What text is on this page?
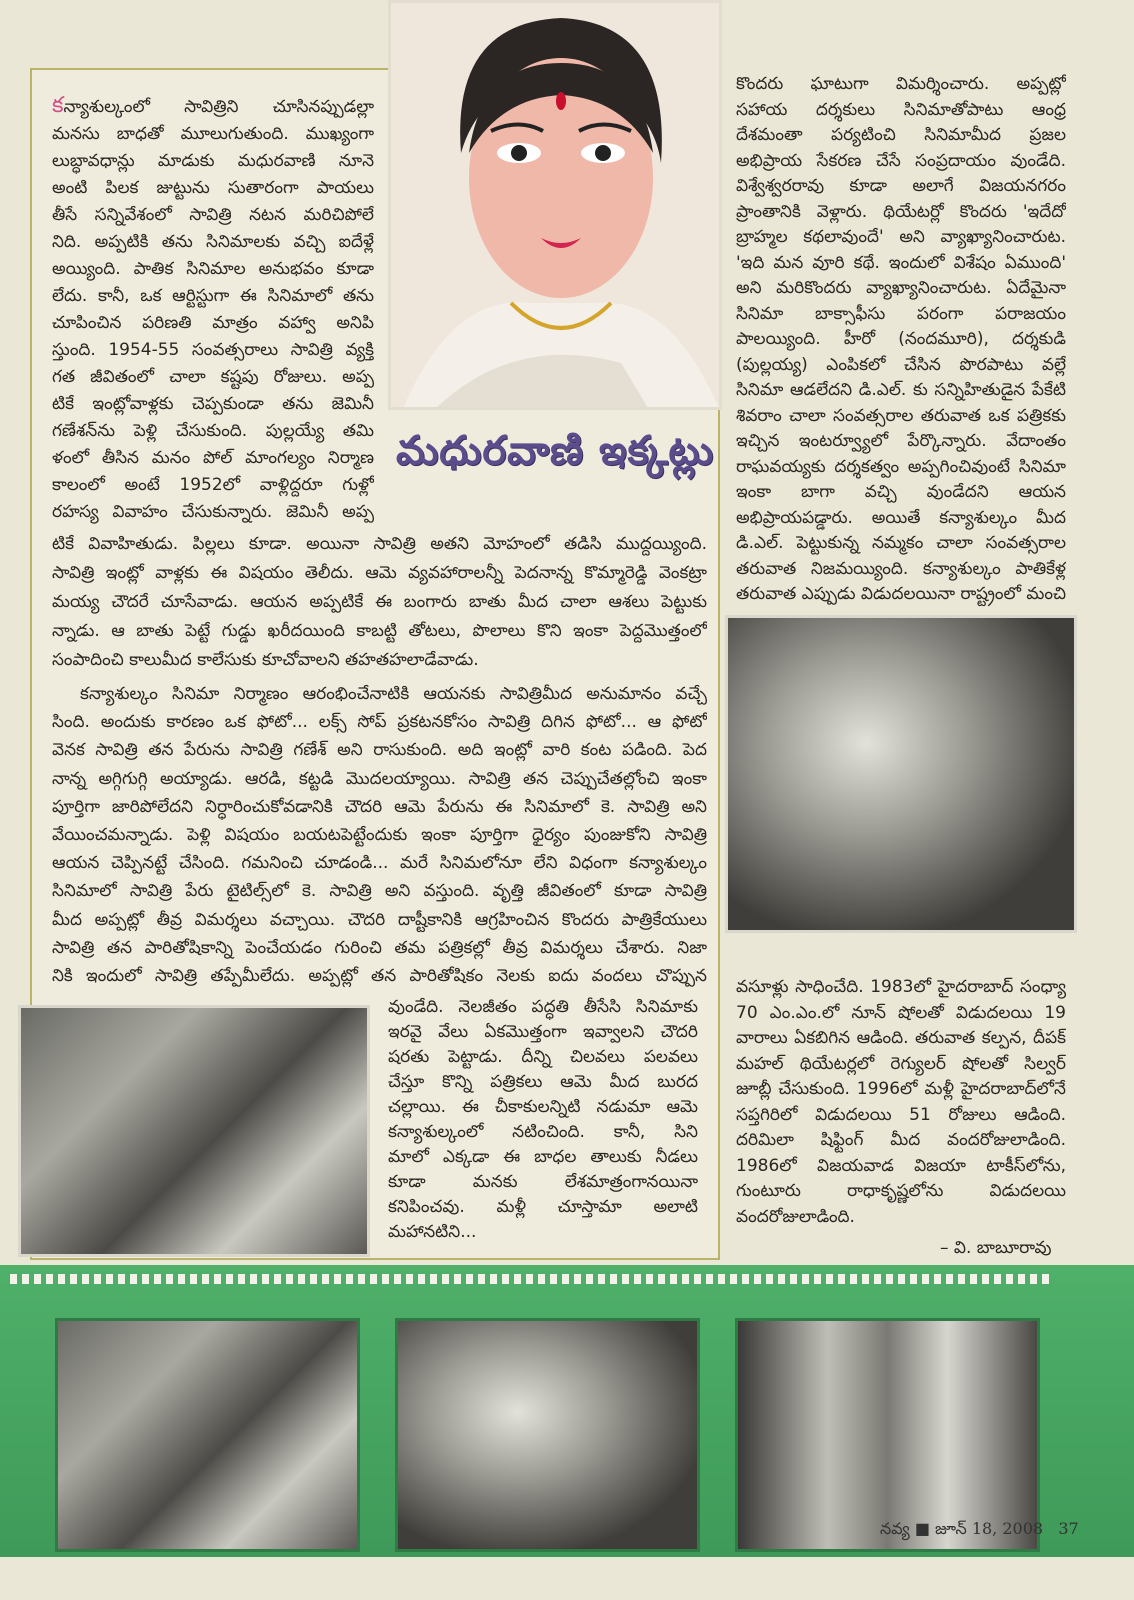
మధురవాణి ఇక్కట్లు
కన్యాశుల్కంలో సావిత్రిని చూసినప్పుడల్లా
మనసు బాధతో మూలుగుతుంది. ముఖ్యంగా
లుబ్ధావధాన్లు మాడుకు మధురవాణి నూనె
అంటి పిలక జుట్టును సుతారంగా పాయలు
తీసే సన్నివేశంలో సావిత్రి నటన మరిచిపోలే
నిది. అప్పటికి తను సినిమాలకు వచ్చి ఐదేళ్లే
అయ్యింది. పాతిక సినిమాల అనుభవం కూడా
లేదు. కానీ, ఒక ఆర్టిస్టుగా ఈ సినిమాలో తను
చూపించిన పరిణతి మాత్రం వహ్వా అనిపి
స్తుంది. 1954-55 సంవత్సరాలు సావిత్రి వ్యక్తి
గత జీవితంలో చాలా కష్టపు రోజులు. అప్ప
టికే ఇంట్లోవాళ్లకు చెప్పకుండా తను జెమినీ
గణేశన్‌ను పెళ్లి చేసుకుంది. పుల్లయ్యే తమి
ళంలో తీసిన మనం పోల్ మాంగల్యం నిర్మాణ
కాలంలో అంటే 1952లో వాళ్లిద్దరూ గుళ్లో
రహస్య వివాహం చేసుకున్నారు. జెమినీ అప్ప
టికే వివాహితుడు. పిల్లలు కూడా. అయినా సావిత్రి అతని మోహంలో తడిసి ముద్దయ్యింది.
సావిత్రి ఇంట్లో వాళ్లకు ఈ విషయం తెలీదు. ఆమె వ్యవహారాలన్నీ పెదనాన్న కొమ్మారెడ్డి వెంకట్రా
మయ్య చౌదరే చూసేవాడు. ఆయన అప్పటికే ఈ బంగారు బాతు మీద చాలా ఆశలు పెట్టుకు
న్నాడు. ఆ బాతు పెట్టే గుడ్డు ఖరీదయింది కాబట్టి తోటలు, పొలాలు కొని ఇంకా పెద్దమొత్తంలో
సంపాదించి కాలుమీద కాలేసుకు కూచోవాలని తహతహలాడేవాడు.
కన్యాశుల్కం సినిమా నిర్మాణం ఆరంభించేనాటికి ఆయనకు సావిత్రిమీద అనుమానం వచ్చే
సింది. అందుకు కారణం ఒక ఫోటో... లక్స్ సోప్ ప్రకటనకోసం సావిత్రి దిగిన ఫోటో... ఆ ఫోటో
వెనక సావిత్రి తన పేరును సావిత్రి గణేశ్ అని రాసుకుంది. అది ఇంట్లో వారి కంట పడింది. పెద
నాన్న అగ్గిగుగ్గి అయ్యాడు. ఆరడి, కట్టడి మొదలయ్యాయి. సావిత్రి తన చెప్పుచేతల్లోంచి ఇంకా
పూర్తిగా జారిపోలేదని నిర్ధారించుకోవడానికి చౌదరి ఆమె పేరును ఈ సినిమాలో కె. సావిత్రి అని
వేయించమన్నాడు. పెళ్లి విషయం బయటపెట్టేందుకు ఇంకా పూర్తిగా ధైర్యం పుంజుకోని సావిత్రి
ఆయన చెప్పినట్టే చేసింది. గమనించి చూడండి... మరే సినిమలోనూ లేని విధంగా కన్యాశుల్కం
సినిమాలో సావిత్రి పేరు టైటిల్స్‌లో కె. సావిత్రి అని వస్తుంది. వృత్తి జీవితంలో కూడా సావిత్రి
మీద అప్పట్లో తీవ్ర విమర్శలు వచ్చాయి. చౌదరి దాష్టీకానికి ఆగ్రహించిన కొందరు పాత్రికేయులు
సావిత్రి తన పారితోషికాన్ని పెంచేయడం గురించి తమ పత్రికల్లో తీవ్ర విమర్శలు చేశారు. నిజా
నికి ఇందులో సావిత్రి తప్పేమీలేదు. అప్పట్లో తన పారితోషికం నెలకు ఐదు వందలు చొప్పున
వుండేది. నెలజీతం పద్ధతి తీసేసి సినిమాకు
ఇరవై వేలు ఏకమొత్తంగా ఇవ్వాలని చౌదరి
షరతు పెట్టాడు. దీన్ని చిలవలు పలవలు
చేస్తూ కొన్ని పత్రికలు ఆమె మీద బురద
చల్లాయి. ఈ చీకాకులన్నిటి నడుమా ఆమె
కన్యాశుల్కంలో నటించింది. కానీ, సిని
మాలో ఎక్కడా ఈ బాధల తాలుకు నీడలు
కూడా మనకు లేశమాత్రంగానయినా
కనిపించవు. మళ్లీ చూస్తామా అలాటి
మహానటిని...
కొందరు ఘాటుగా విమర్శించారు. అప్పట్లో
సహాయ దర్శకులు సినిమాతోపాటు ఆంధ్ర
దేశమంతా పర్యటించి సినిమామీద ప్రజల
అభిప్రాయ సేకరణ చేసే సంప్రదాయం వుండేది.
విశ్వేశ్వరరావు కూడా అలాగే విజయనగరం
ప్రాంతానికి వెళ్లారు. థియేటర్లో కొందరు 'ఇదేదో
బ్రాహ్మల కథలావుందే' అని వ్యాఖ్యానించారుట.
'ఇది మన వూరి కథే. ఇందులో విశేషం ఏముంది'
అని మరికొందరు వ్యాఖ్యానించారుట. ఏదేమైనా
సినిమా బాక్సాఫీసు పరంగా పరాజయం
పాలయ్యింది. హీరో (నందమూరి), దర్శకుడి
(పుల్లయ్య) ఎంపికలో చేసిన పొరపాటు వల్లే
సినిమా ఆడలేదని డి.ఎల్. కు సన్నిహితుడైన పేకేటి
శివరాం చాలా సంవత్సరాల తరువాత ఒక పత్రికకు
ఇచ్చిన ఇంటర్వ్యూలో పేర్కొన్నారు. వేదాంతం
రాఘవయ్యకు దర్శకత్వం అప్పగించివుంటే సినిమా
ఇంకా బాగా వచ్చి వుండేదని ఆయన
అభిప్రాయపడ్డారు. అయితే కన్యాశుల్కం మీద
డి.ఎల్. పెట్టుకున్న నమ్మకం చాలా సంవత్సరాల
తరువాత నిజమయ్యింది. కన్యాశుల్కం పాతికేళ్ల
తరువాత ఎప్పుడు విడుదలయినా రాష్ట్రంలో మంచి
వసూళ్లు సాధించేది. 1983లో హైదరాబాద్ సంధ్యా
70 ఎం.ఎం.లో నూన్ షోలతో విడుదలయి 19
వారాలు ఏకబిగిన ఆడింది. తరువాత కల్పన, దీపక్
మహల్ థియేటర్లలో రెగ్యులర్ షోలతో సిల్వర్
జూబ్లీ చేసుకుంది. 1996లో మళ్లీ హైదరాబాద్‌లోనే
సప్తగిరిలో విడుదలయి 51 రోజులు ఆడింది.
దరిమిలా షిఫ్టింగ్ మీద వందరోజులాడింది.
1986లో విజయవాడ విజయా టాకీస్‌లోను,
గుంటూరు రాధాకృష్ణలోను విడుదలయి
వందరోజులాడింది.
– వి. బాబూరావు
నవ్య ■ జూన్ 18, 2008 37
